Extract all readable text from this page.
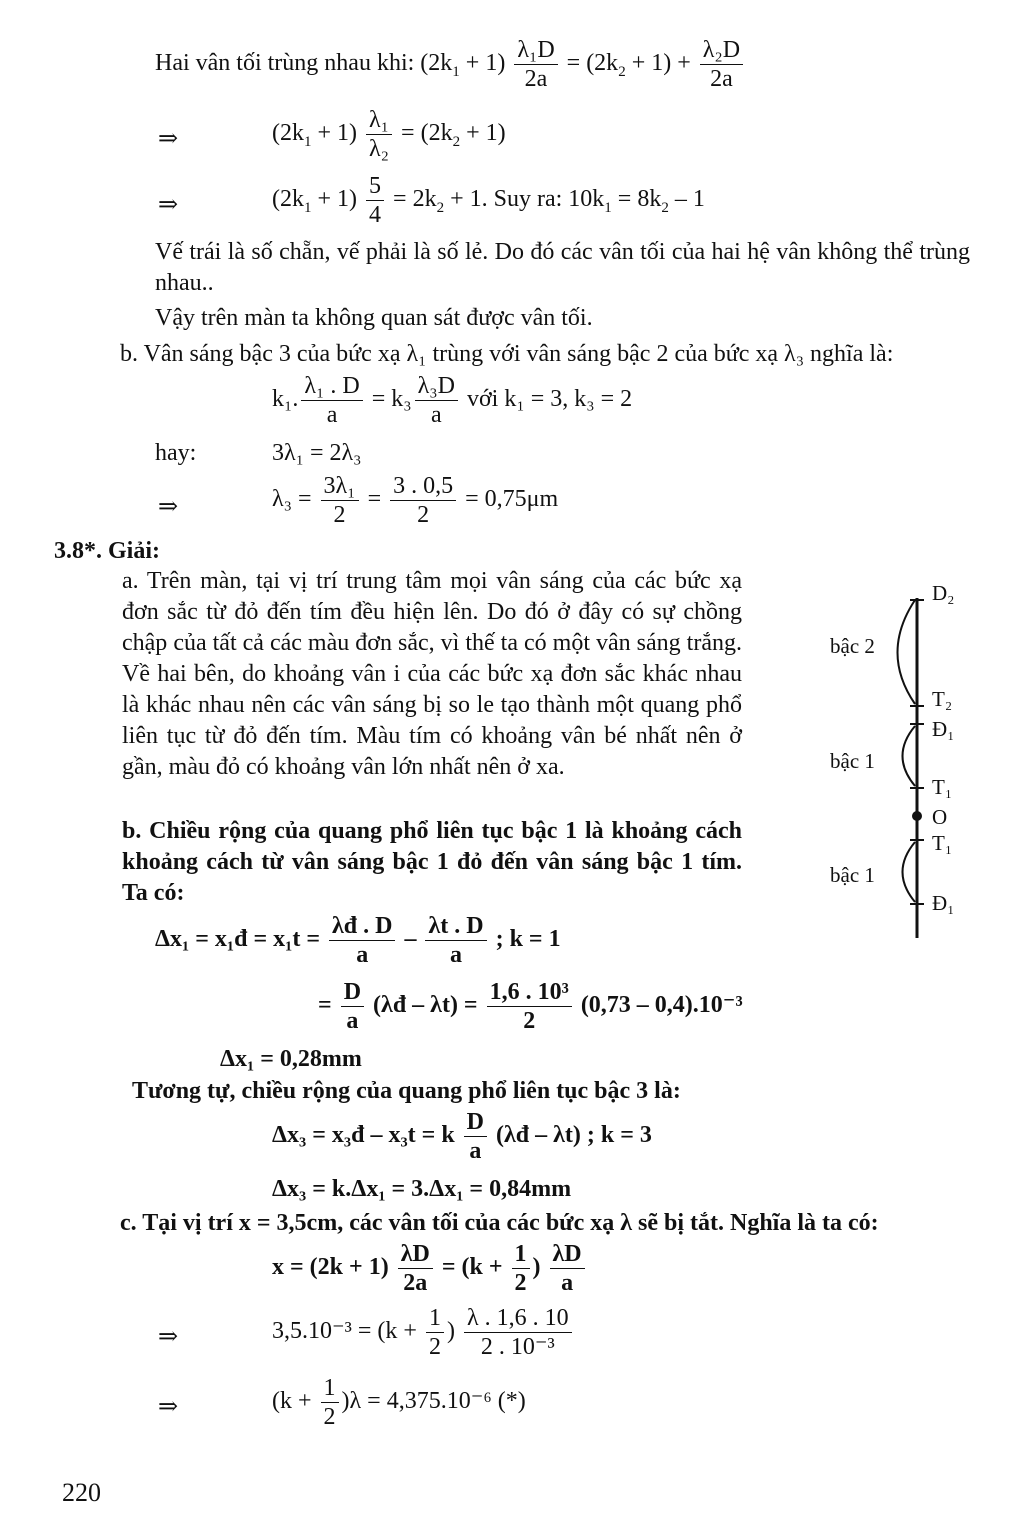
Hai vân tối trùng nhau khi: $(2k_1 + 1) \frac{\text{λ₁D}}{2a} = (2k_2 + 1) + \frac{\text{λ₂D}}{2a}$
⇒	$(2k_1 + 1) \frac{\text{λ₁}}{\text{λ₂}} = (2k_2 + 1)$
⇒	$(2k_1 + 1) \frac{5}{4} = 2k_2 + 1$. Suy ra: $10k_1 = 8k_2 - 1$
Vế trái là số chẵn, vế phải là số lẻ. Do đó các vân tối của hai hệ vân không thể trùng nhau..
Vậy trên màn ta không quan sát được vân tối.
b. Vân sáng bậc 3 của bức xạ λ₁ trùng với vân sáng bậc 2 của bức xạ λ₃ nghĩa là:
k₁. $\frac{\text{λ₁ . D}}{a} = k_3 \frac{\text{λ₃D}}{a}$ với k₁ = 3, k₃ = 2
hay:	3λ₁ = 2λ₃
⇒	$\lambda_3 = \frac{\text{3λ₁}}{2} = \frac{3 . 0,5}{2} = 0,75\mu m$
3.8*. Giải:
a. Trên màn, tại vị trí trung tâm mọi vân sáng của các bức xạ đơn sắc từ đỏ đến tím đều hiện lên. Do đó ở đây có sự chồng chập của tất cả các màu đơn sắc, vì thế ta có một vân sáng trắng. Về hai bên, do khoảng vân i của các bức xạ đơn sắc khác nhau là khác nhau nên các vân sáng bị so le tạo thành một quang phổ liên tục từ đỏ đến tím. Màu tím có khoảng vân bé nhất nên ở gần, màu đỏ có khoảng vân lớn nhất nên ở xa.
b. Chiều rộng của quang phổ liên tục bậc 1 là khoảng cách khoảng cách từ vân sáng bậc 1 đỏ đến vân sáng bậc 1 tím. Ta có:
bậc 2
bậc 1
bậc 1
D₂
T₂
Đ₁
T₁
O
T₁
Đ₁
Δx₁ = x₁đ = $x_1t = \frac{\lambda đ . D}{a} - \frac{\lambda t . D}{a}$ ; k = 1
= $\frac{D}{a}$ (λđ – $\lambda t) = \frac{\text{1,6 . 10³}}{2} (0,73 - 0,4).10^{-3}$
Δx₁ = 0,28mm
Tương tự, chiều rộng của quang phổ liên tục bậc 3 là:
Δx₃ = x₃đ – x₃t = k $\frac{D}{a}$ (λđ – λt) ; k = 3
Δx₃ = k.Δx₁ = 3.Δx₁ = 0,84mm
c. Tại vị trí x = 3,5cm, các vân tối của các bức xạ λ sẽ bị tắt. Nghĩa là ta có:
$x = (2k + 1) \frac{\lambda D}{2a} = (k + \frac{1}{2}$ ) $\frac{\lambda D}{a}$
⇒	$3,5.10^{-3} = (k + \frac{1}{2}$ ) $\frac{\lambda . 1,6 . 10}{\text{2 . 10⁻³}}$
⇒	$(k + \frac{1}{2} )\lambda = 4,375.10^{-6}$ (*)
220
